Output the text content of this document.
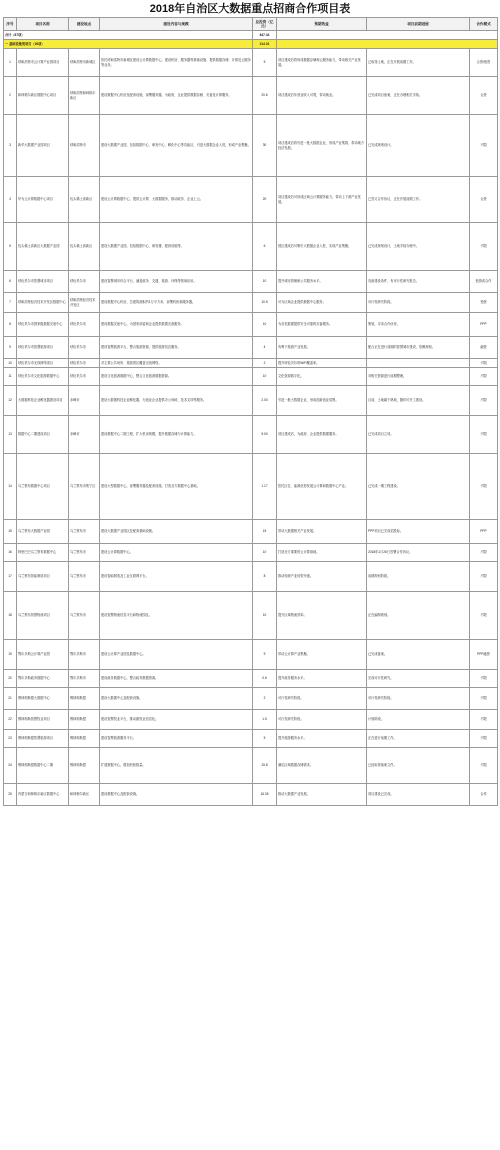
2018年自治区大数据重点招商合作项目表
序号	项目名称	建设地点	建设内容与规模	总投资（亿元）	预期效益	项目前期进展	合作模式
合计（87项）				847.34			
一 基础设施类项目（26项）				214.01			
1	呼和浩特市云计算产业园项目	呼和浩特市新城区	依托呼和浩特市新城区建设云计算数据中心，建设机房、服务器等基础设施，提供数据存储、计算及云服务等业务。	5	项目建成后将形成数据存储和云服务能力，带动相关产业发展。	已取得土地，正在开展前期工作。	合资/独资
2	和林格尔新区数据中心项目	呼和浩特和林格尔新区	建设数据中心机房及配套设施，部署服务器，为政府、企业提供数据存储、灾备及计算服务。	20.6	项目建成后年营业收入可观，带动就业。	已完成项目备案，正在办理相关手续。	合资
3	新华大数据产业园项目	呼和浩特市	建设大数据产业园，包括数据中心、研发中心、孵化中心等功能区，引进大数据企业入驻，形成产业集聚。	30	项目建成后将引进一批大数据企业，形成产业集群，带动地方经济发展。	已完成规划设计。	不限
4	华为云计算数据中心项目	包头稀土高新区	建设云计算数据中心，提供云计算、大数据服务，推动政务、企业上云。	20	项目建成后可形成区域云计算服务能力，带动上下游产业发展。	已签订合作协议，正在开展前期工作。	合资
5	包头稀土高新区大数据产业园	包头稀土高新区	建设大数据产业园，包括数据中心、研发楼、配套设施等。	6	园区建成后可吸引大数据企业入驻，实现产业集聚。	已完成规划设计，土地手续办理中。	不限
6	呼伦贝尔市智慧城市项目	呼伦贝尔市	建设智慧城市综合平台，涵盖政务、交通、旅游、环保等领域应用。	10	提升城市管理和公共服务水平。	具备建设条件，有可行性研究报告。	独资或合作
7	呼和浩特经济技术开发区数据中心	呼和浩特经济技术开发区	建设数据中心机房，总建筑面积约1万平方米，部署机柜和服务器。	10.5	可为区域企业提供数据中心服务。	可行性研究阶段。	独资
8	呼伦贝尔市国家级数据灾备中心	呼伦贝尔市	建设数据灾备中心，为国家部委和企业提供数据灾备服务。	10	为各类数据提供安全可靠的灾备服务。	策划，寻求合作伙伴。	PPP
9	呼伦贝尔市智慧旅游项目	呼伦贝尔市	建设智慧旅游平台，整合旅游资源，提供旅游信息服务。	4	有利于旅游产业发展。	配合正在进行前期的智慧城市建设，依赖规划。	融资
10	呼伦贝尔市无线网络项目	呼伦贝尔市	对主要公共场所、旅游景区覆盖无线网络。	2	提升呼伦贝尔的WiFi覆盖率。		不限
11	呼伦贝尔市文化旅游数据中心	呼伦贝尔市	建设文化旅游数据中心，整合文化旅游数据资源。	10	文化资源数字化。	对相关资源进行前期整理。	不限
12	大数据科技企业孵化器建设项目	赤峰市	建设大数据科技企业孵化器，为创业企业提供办公场地、技术支持等服务。	2.00	引进一批大数据企业，形成创新创业氛围。	目前，土地属于熟地，随时可开工建设。	不限
13	数据中心二期建设项目	赤峰市	建设数据中心二期工程，扩大机房规模，提升数据存储与计算能力。	5.00	项目建成后，为政府、企业提供数据服务。	已完成项目立项。	不限
14	乌兰察布数据中心项目	乌兰察布市集宁区	建设大型数据中心，部署服务器及配套设施，打造北方数据中心基地。	1.17	依托区位、能源优势发展云计算和数据中心产业。	已完成一期工程建设。	不限
15	乌兰察布大数据产业园	乌兰察布市	建设大数据产业园区及配套基础设施。	15	带动大数据相关产业发展。	PPP项目已完成招投标。	PPP
16	阿里巴巴乌兰察布数据中心	乌兰察布市	建设云计算数据中心。	10	打造北方重要的云计算基地。	2018年1月26日签署合作协议。	不限
17	乌兰察布智能制造项目	乌兰察布市	建设智能制造及工业互联网平台。	8	推动传统产业转型升级。	前期规划阶段。	不限
18	乌兰察布智慧物流项目	乌兰察布市	建设智慧物流信息平台和物流园区。	10	提升区域物流效率。	正在编制规划。	不限
19	鄂尔多斯云计算产业园	鄂尔多斯市	建设云计算产业园及数据中心。	9	带动云计算产业集聚。	已完成备案。	PPP融资
20	鄂尔多斯政务数据中心	鄂尔多斯市	建设政务数据中心，整合政务数据资源。	0.6	提升政务服务水平。	完成可行性研究。	不限
21	锡林郭勒盟大数据中心	锡林郭勒盟	建设大数据中心及配套设施。	2	可行性研究阶段。	可行性研究阶段。	不限
22	锡林郭勒智慧牧业项目	锡林郭勒盟	建设智慧牧业平台，推动畜牧业信息化。	1.5	可行性研究阶段。	计划阶段。	不限
23	锡林郭勒盟智慧旅游项目	锡林郭勒盟	建设智慧旅游服务平台。	5	提升旅游服务水平。	正在进行前期工作。	不限
24	锡林郭勒盟数据中心二期	锡林郭勒盟	扩建数据中心，增加机柜数量。	15.8	满足区域数据存储需求。	已经取得备案文件。	不限
25	内蒙古和林格尔新区数据中心	和林格尔新区	建设数据中心及配套设施。	16.35	推动大数据产业发展。	项目建设已完成。	合作
